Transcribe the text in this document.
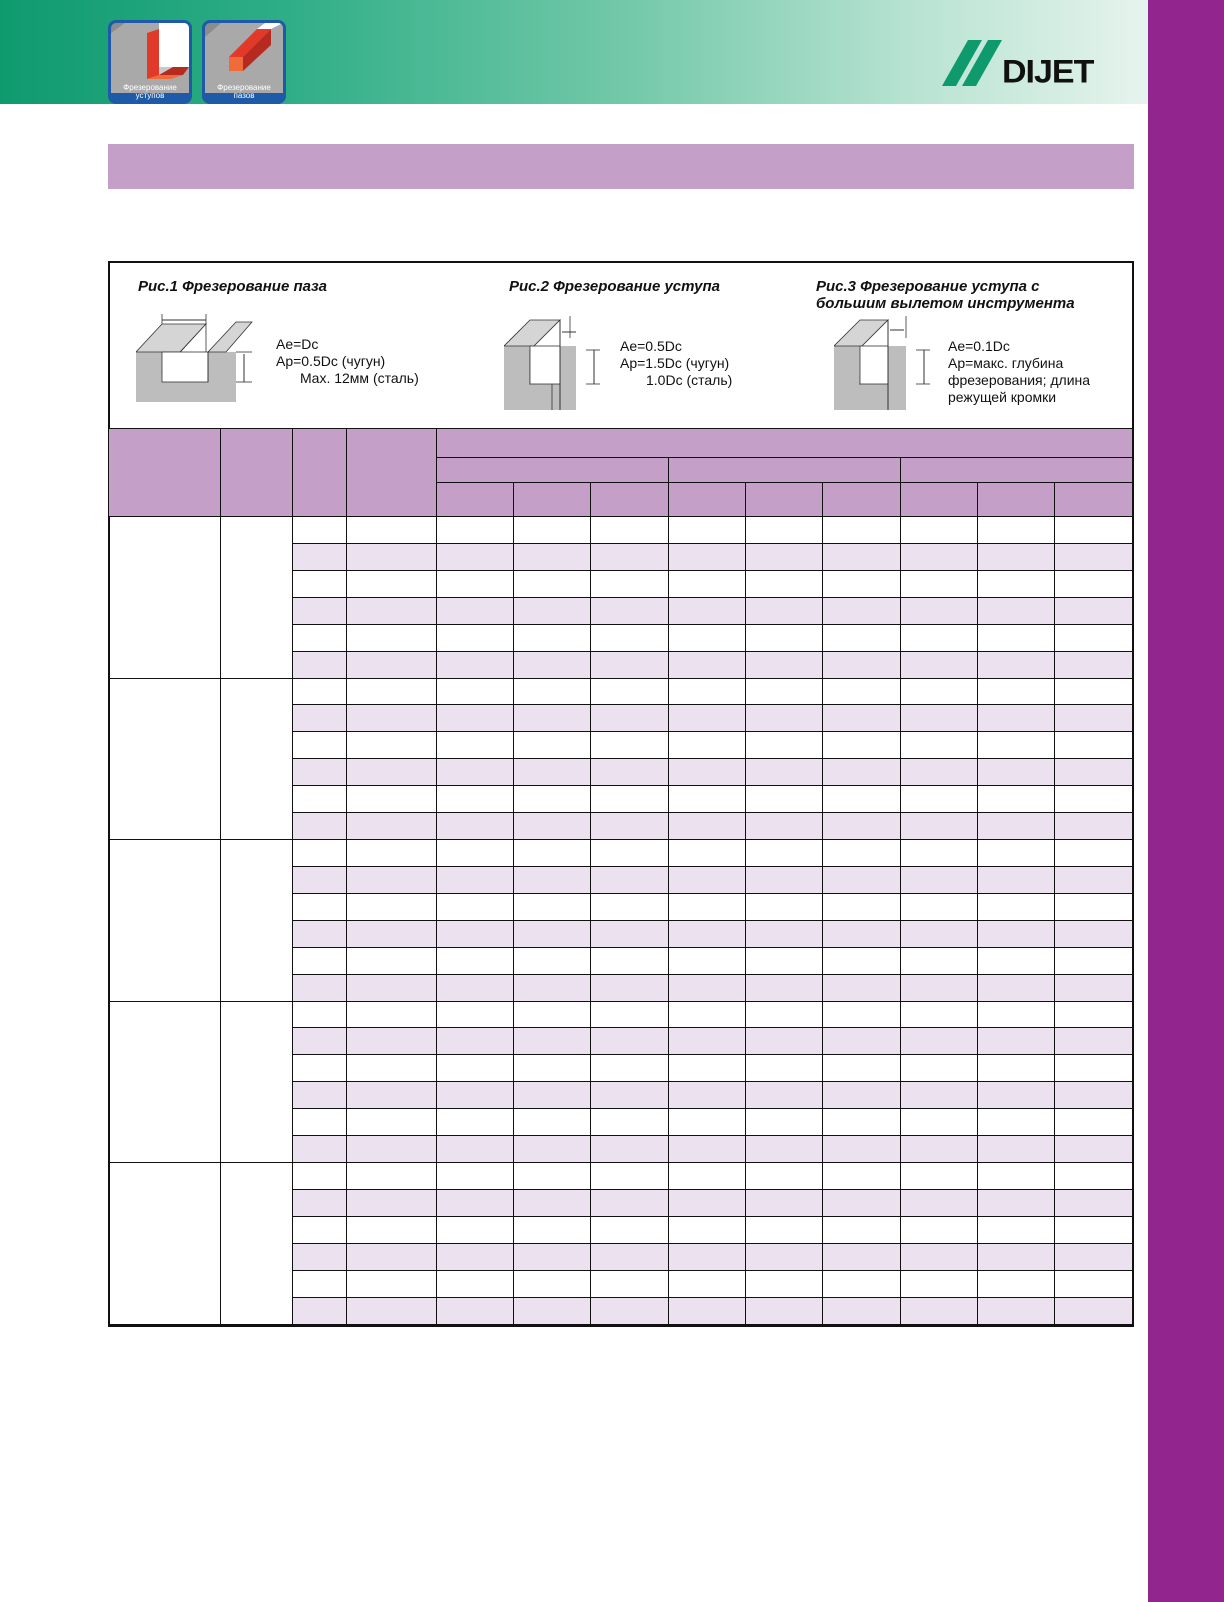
Фрезерование
уступов
Фрезерование
пазов
DIJET
Рис.1 Фрезерование паза
Ae=Dc
Ap=0.5Dc (чугун)
Max. 12мм (сталь)
Рис.2 Фрезерование уступа
Ae=0.5Dc
Ap=1.5Dc (чугун)
1.0Dc (сталь)
Рис.3 Фрезерование уступа с
большим вылетом инструмента
Ae=0.1Dc
Ap=макс. глубина
фрезерования; длина
режущей кромки
